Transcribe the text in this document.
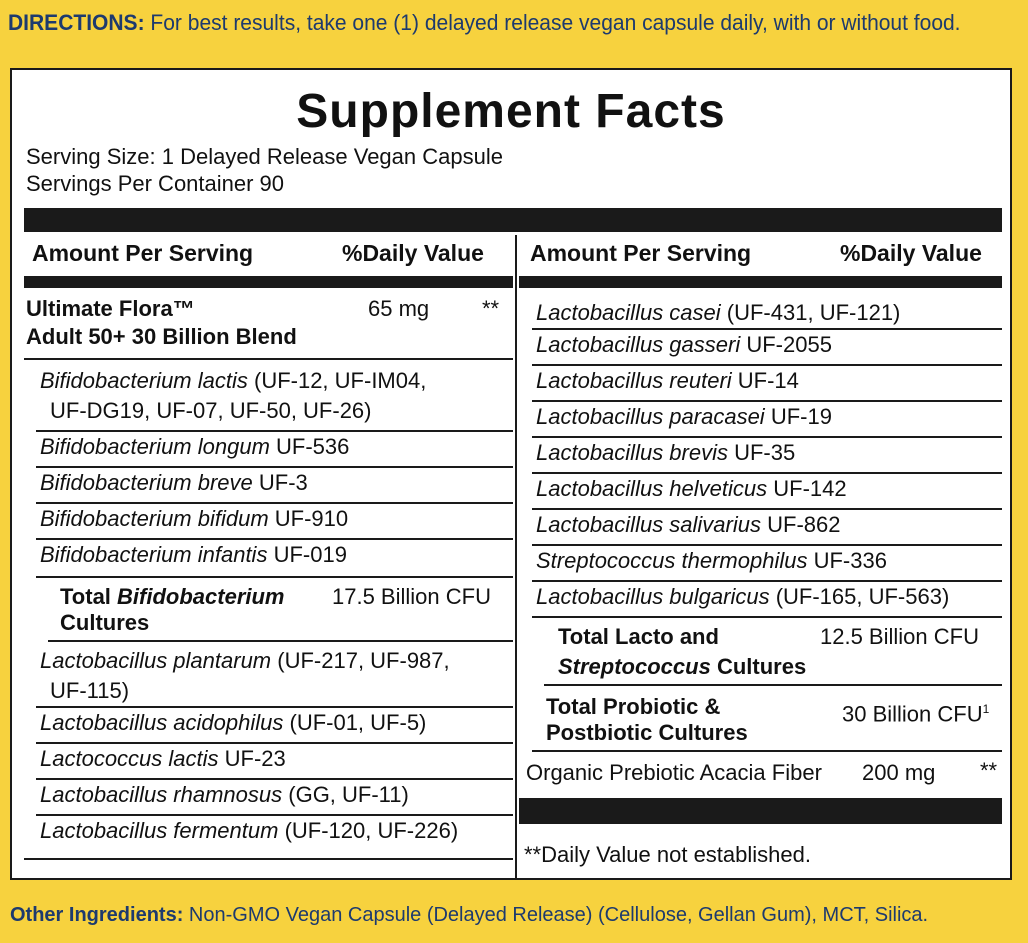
DIRECTIONS: For best results, take one (1) delayed release vegan capsule daily, with or without food.
Supplement Facts
Serving Size: 1 Delayed Release Vegan Capsule
Servings Per Container 90
Amount Per Serving	%Daily Value Amount Per Serving	%Daily Value
Ultimate Flora™
Adult 50+ 30 Billion Blend
65 mg **
Bifidobacterium lactis (UF-12, UF-IM04,
UF-DG19, UF-07, UF-50, UF-26)
Bifidobacterium longum UF-536
Bifidobacterium breve UF-3
Bifidobacterium bifidum UF-910
Bifidobacterium infantis UF-019
Total Bifidobacterium
Cultures
17.5 Billion CFU
Lactobacillus plantarum (UF-217, UF-987,
UF-115)
Lactobacillus acidophilus (UF-01, UF-5)
Lactococcus lactis UF-23
Lactobacillus rhamnosus (GG, UF-11)
Lactobacillus fermentum (UF-120, UF-226)
Lactobacillus casei (UF-431, UF-121)
Lactobacillus gasseri UF-2055
Lactobacillus reuteri UF-14
Lactobacillus paracasei UF-19
Lactobacillus brevis UF-35
Lactobacillus helveticus UF-142
Lactobacillus salivarius UF-862
Streptococcus thermophilus UF-336
Lactobacillus bulgaricus (UF-165, UF-563)
Total Lacto and
Streptococcus Cultures
12.5 Billion CFU
Total Probiotic &
Postbiotic Cultures
30 Billion CFU$^1$
Organic Prebiotic Acacia Fiber 200 mg **
**Daily Value not established.
Other Ingredients: Non-GMO Vegan Capsule (Delayed Release) (Cellulose, Gellan Gum), MCT, Silica.
